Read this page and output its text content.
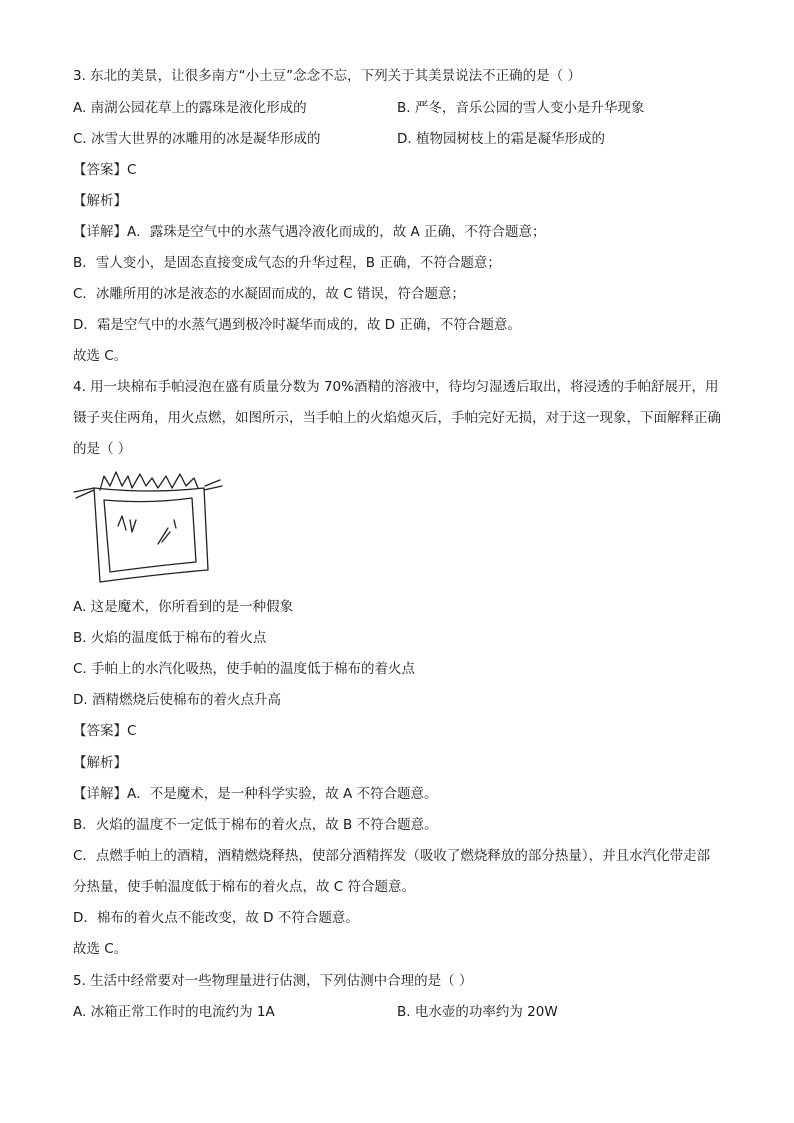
3. 东北的美景，让很多南方“小土豆”念念不忘，下列关于其美景说法不正确的是（ ）
A. 南湖公园花草上的露珠是液化形成的	B. 严冬，音乐公园的雪人变小是升华现象
C. 冰雪大世界的冰雕用的冰是凝华形成的	D. 植物园树枝上的霜是凝华形成的
【答案】C
【解析】
【详解】A．露珠是空气中的水蒸气遇冷液化而成的，故 A 正确，不符合题意；
B．雪人变小，是固态直接变成气态的升华过程，B 正确，不符合题意；
C．冰雕所用的冰是液态的水凝固而成的，故 C 错误，符合题意；
D．霜是空气中的水蒸气遇到极冷时凝华而成的，故 D 正确，不符合题意。
故选 C。
4. 用一块棉布手帕浸泡在盛有质量分数为 70%酒精的溶液中，待均匀湿透后取出，将浸透的手帕舒展开，用镊子夹住两角，用火点燃，如图所示，当手帕上的火焰熄灭后，手帕完好无损，对于这一现象，下面解释正确的是（ ）
A. 这是魔术，你所看到的是一种假象
B. 火焰的温度低于棉布的着火点
C. 手帕上的水汽化吸热，使手帕的温度低于棉布的着火点
D. 酒精燃烧后使棉布的着火点升高
【答案】C
【解析】
【详解】A．不是魔术，是一种科学实验，故 A 不符合题意。
B．火焰的温度不一定低于棉布的着火点，故 B 不符合题意。
C．点燃手帕上的酒精，酒精燃烧释热，使部分酒精挥发（吸收了燃烧释放的部分热量），并且水汽化带走部分热量，使手帕温度低于棉布的着火点，故 C 符合题意。
D．棉布的着火点不能改变，故 D 不符合题意。
故选 C。
5. 生活中经常要对一些物理量进行估测，下列估测中合理的是（ ）
A. 冰箱正常工作时的电流约为 1A	B. 电水壶的功率约为 20W
